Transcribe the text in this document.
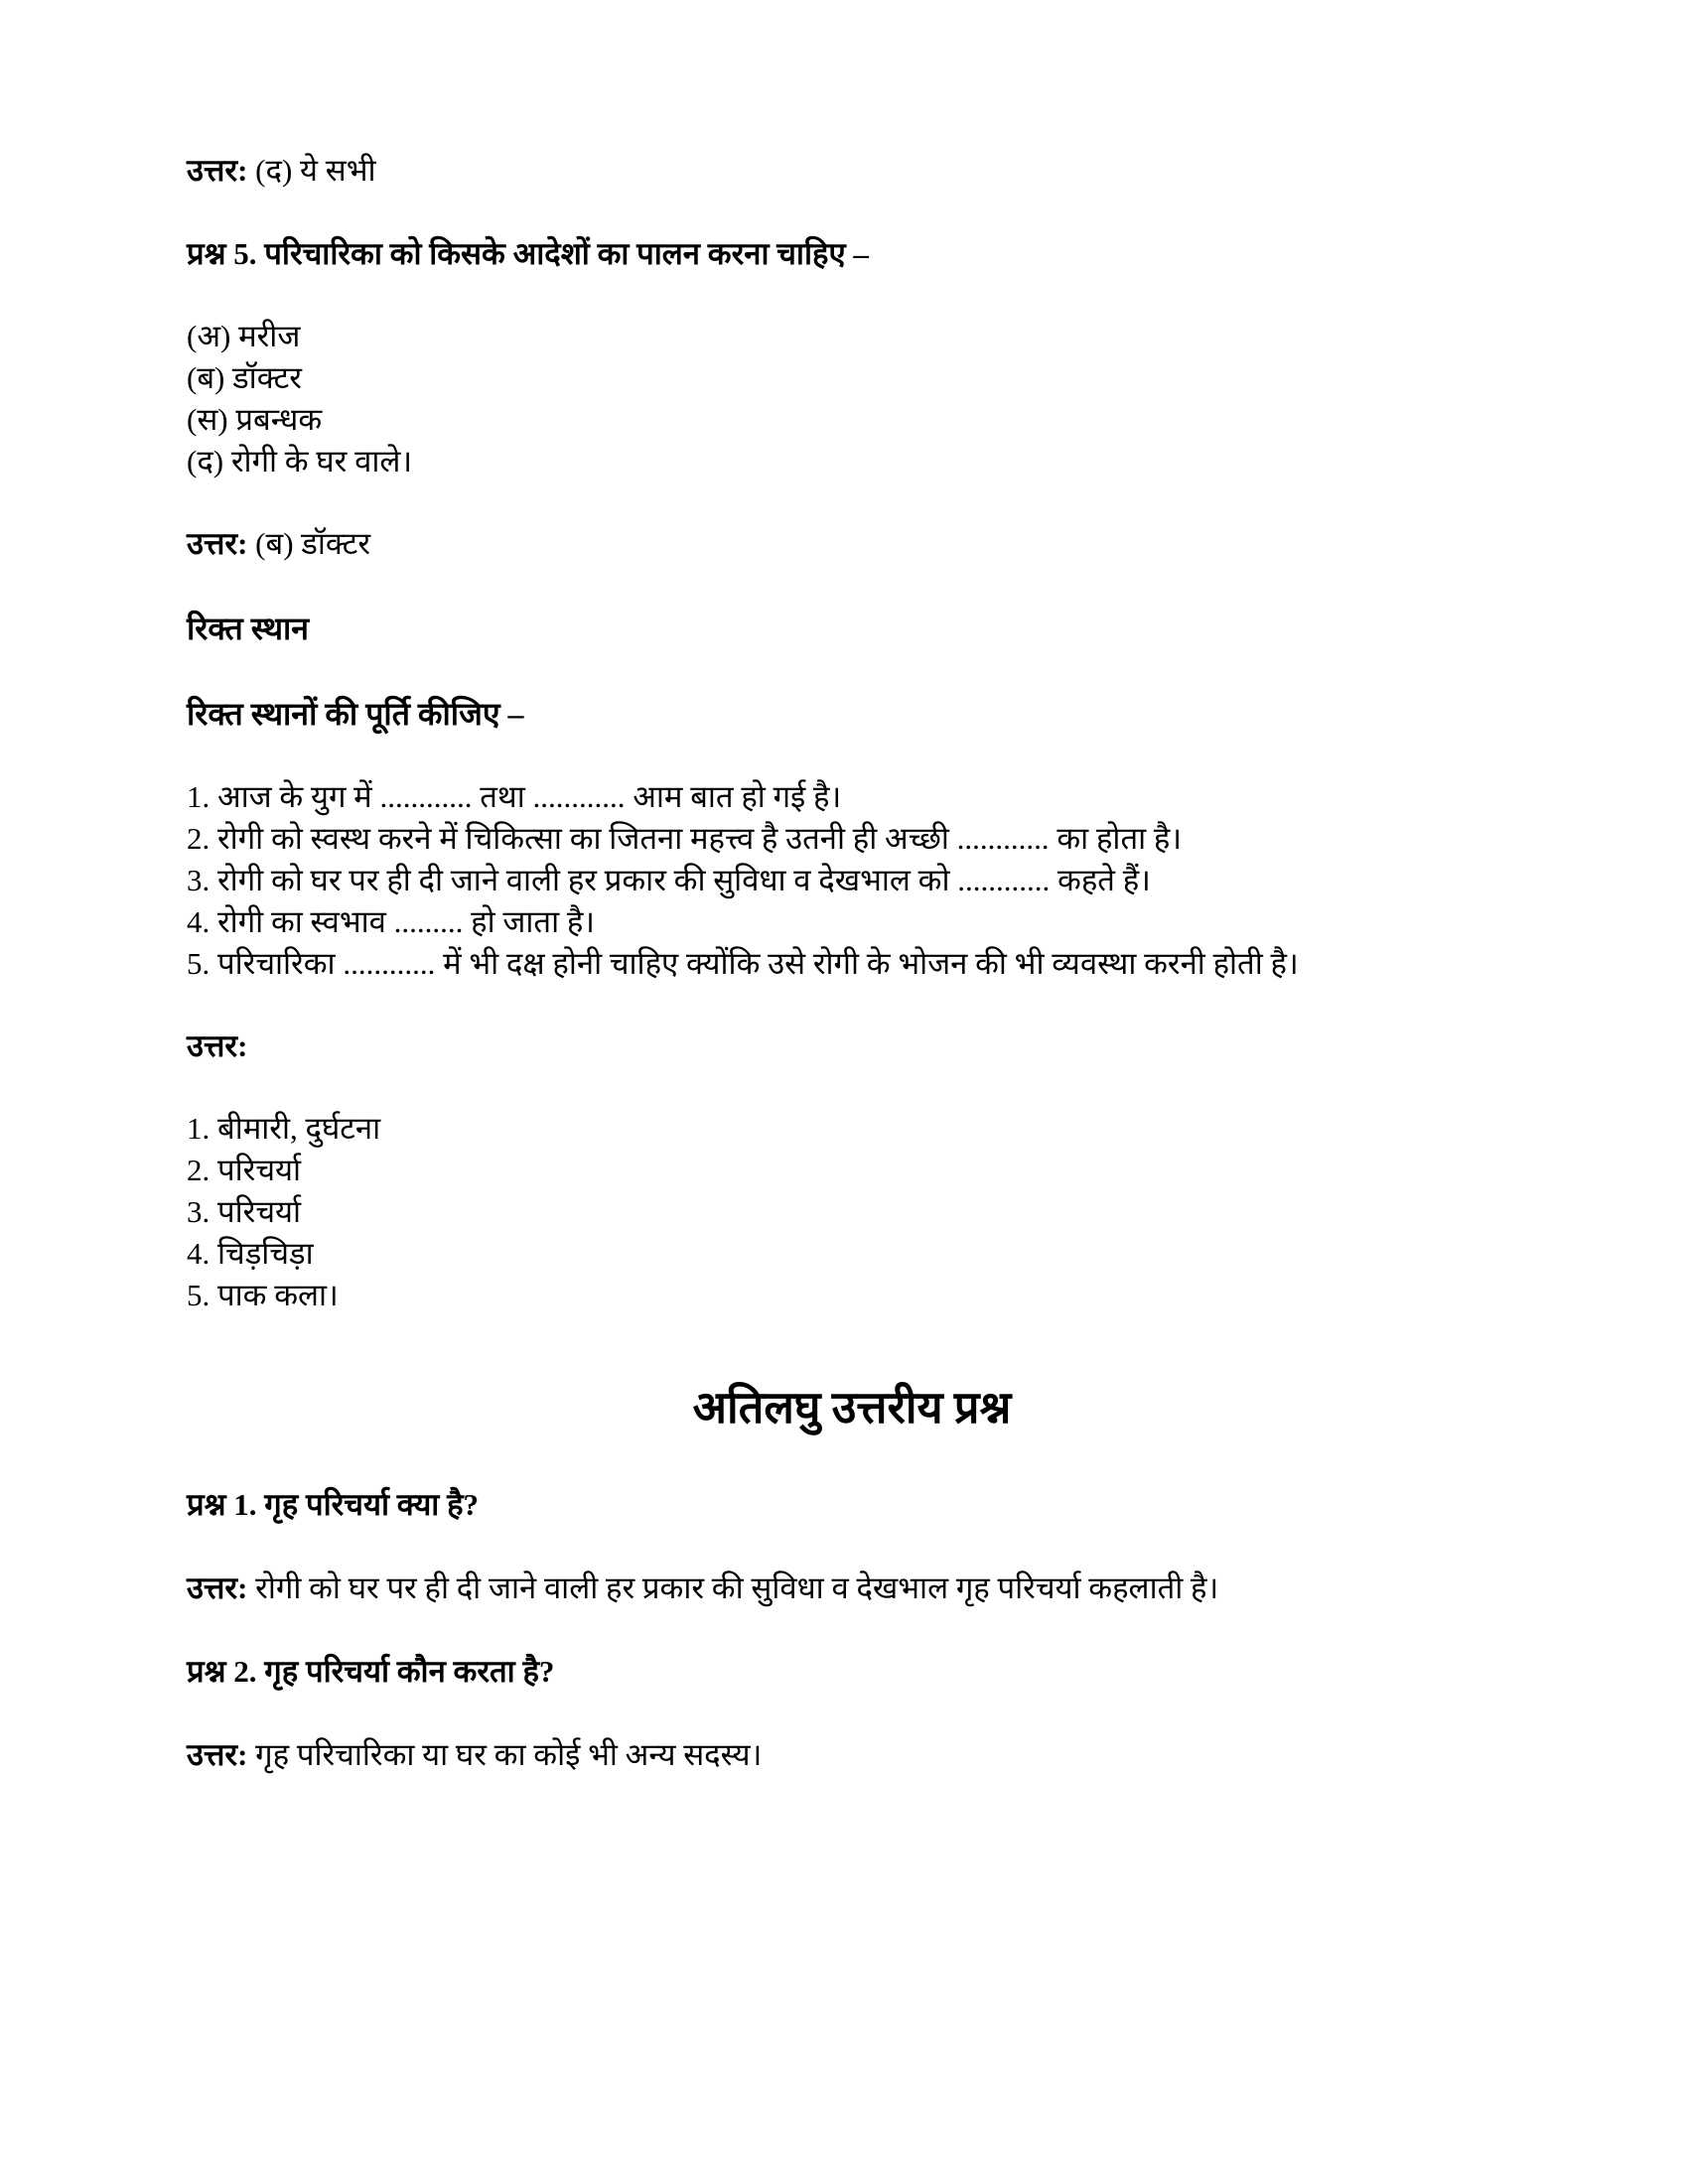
उत्तर: (द) ये सभी

प्रश्न 5. परिचारिका को किसके आदेशों का पालन करना चाहिए –

(अ) मरीज
(ब) डॉक्टर
(स) प्रबन्धक
(द) रोगी के घर वाले।

उत्तर: (ब) डॉक्टर

रिक्त स्थान

रिक्त स्थानों की पूर्ति कीजिए –

1. आज के युग में ............ तथा ............ आम बात हो गई है।
2. रोगी को स्वस्थ करने में चिकित्सा का जितना महत्त्व है उतनी ही अच्छी ............ का होता है।
3. रोगी को घर पर ही दी जाने वाली हर प्रकार की सुविधा व देखभाल को ............ कहते हैं।
4. रोगी का स्वभाव ......... हो जाता है।
5. परिचारिका ............ में भी दक्ष होनी चाहिए क्योंकि उसे रोगी के भोजन की भी व्यवस्था करनी होती है।

उत्तर:

1. बीमारी, दुर्घटना
2. परिचर्या
3. परिचर्या
4. चिड़चिड़ा
5. पाक कला।
अतिलघु उत्तरीय प्रश्न

प्रश्न 1. गृह परिचर्या क्या है?

उत्तर: रोगी को घर पर ही दी जाने वाली हर प्रकार की सुविधा व देखभाल गृह परिचर्या कहलाती है।

प्रश्न 2. गृह परिचर्या कौन करता है?

उत्तर: गृह परिचारिका या घर का कोई भी अन्य सदस्य।
